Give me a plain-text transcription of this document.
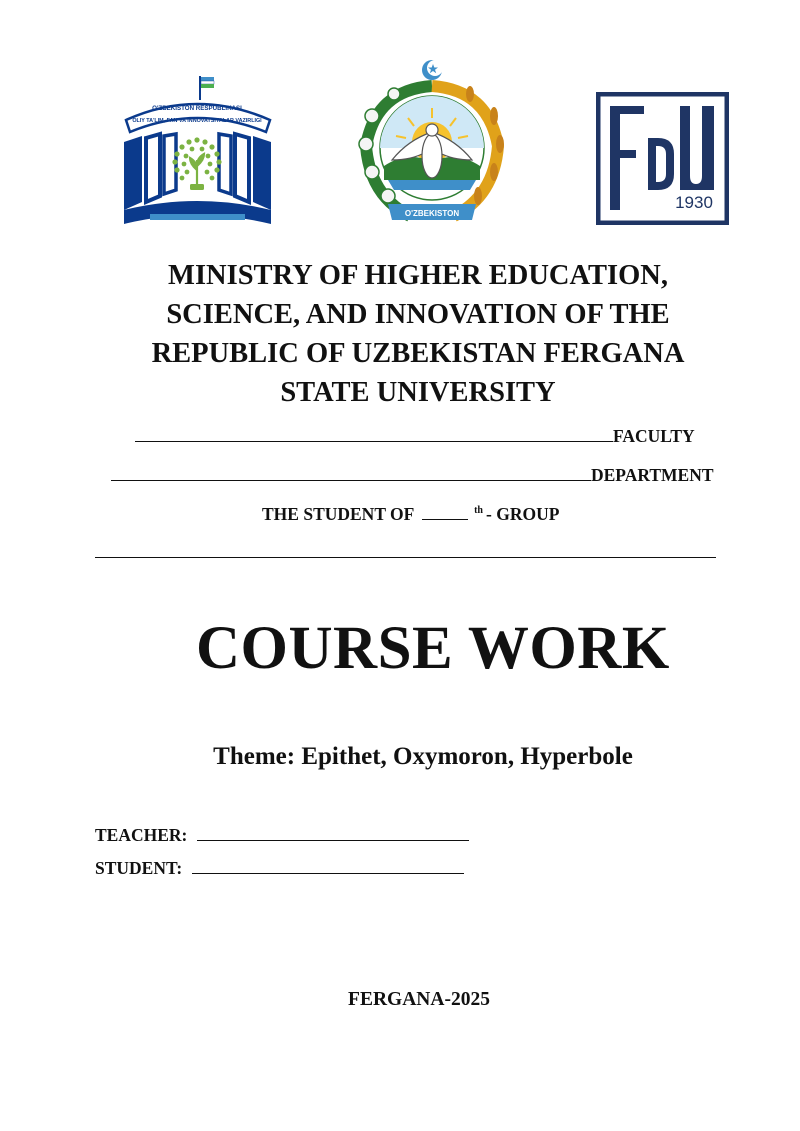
O'ZBEKISTON RESPUBLIKASI
OLIY TA'LIM, FAN VA INNOVATSIYALAR VAZIRLIGI
O'ZBEKISTON
1930
MINISTRY OF HIGHER EDUCATION,
SCIENCE, AND INNOVATION OF THE
REPUBLIC OF UZBEKISTAN FERGANA
STATE UNIVERSITY
FACULTY
DEPARTMENT
THE STUDENT OF	$^{th}$ - GROUP
COURSE WORK
Theme: Epithet, Oxymoron, Hyperbole
TEACHER:
STUDENT:
FERGANA-2025
